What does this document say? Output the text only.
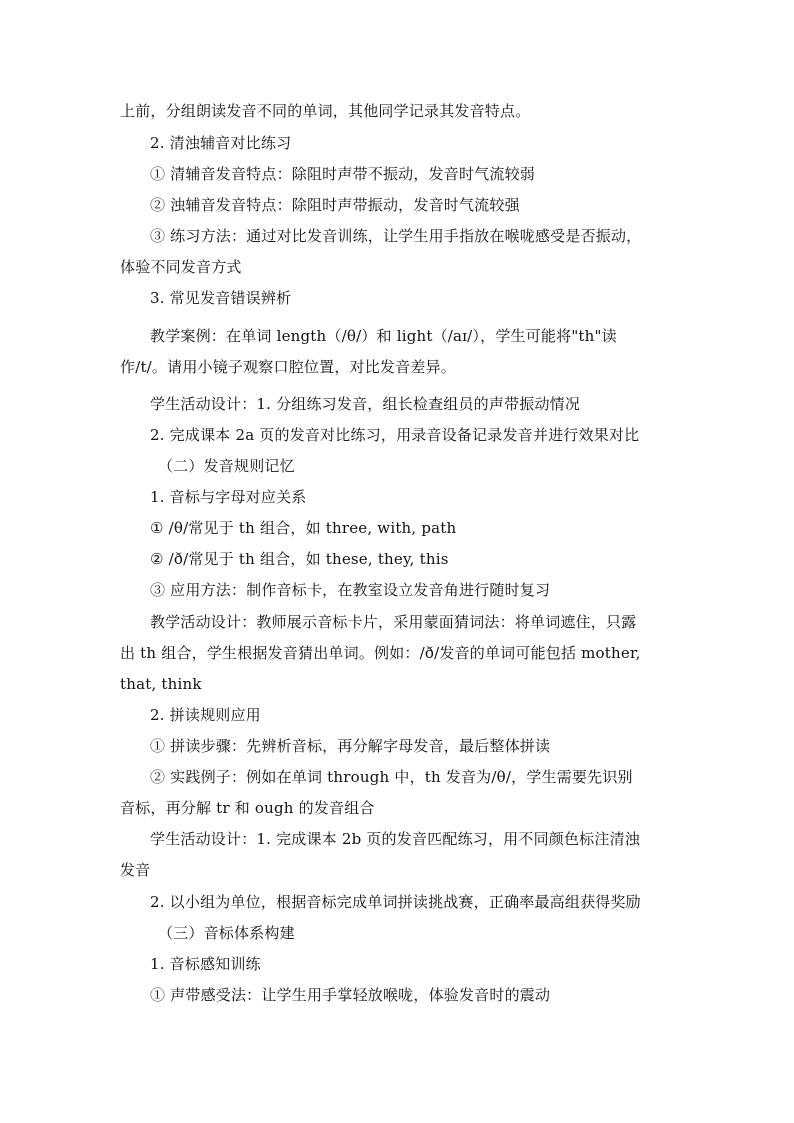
上前，分组朗读发音不同的单词，其他同学记录其发音特点。
2. 清浊辅音对比练习
① 清辅音发音特点：除阻时声带不振动，发音时气流较弱
② 浊辅音发音特点：除阻时声带振动，发音时气流较强
③ 练习方法：通过对比发音训练，让学生用手指放在喉咙感受是否振动，
体验不同发音方式
3. 常见发音错误辨析
教学案例：在单词 length（/θ/）和 light（/aɪ/），学生可能将"th"读
作/t/。请用小镜子观察口腔位置，对比发音差异。
学生活动设计：1. 分组练习发音，组长检查组员的声带振动情况
2. 完成课本 2a 页的发音对比练习，用录音设备记录发音并进行效果对比
（二）发音规则记忆
1. 音标与字母对应关系
① /θ/常见于 th 组合，如 three, with, path
② /ð/常见于 th 组合，如 these, they, this
③ 应用方法：制作音标卡，在教室设立发音角进行随时复习
教学活动设计：教师展示音标卡片，采用蒙面猜词法：将单词遮住，只露
出 th 组合，学生根据发音猜出单词。例如：/ð/发音的单词可能包括 mother,
that, think
2. 拼读规则应用
① 拼读步骤：先辨析音标，再分解字母发音，最后整体拼读
② 实践例子：例如在单词 through 中，th 发音为/θ/，学生需要先识别
音标，再分解 tr 和 ough 的发音组合
学生活动设计：1. 完成课本 2b 页的发音匹配练习，用不同颜色标注清浊
发音
2. 以小组为单位，根据音标完成单词拼读挑战赛，正确率最高组获得奖励
（三）音标体系构建
1. 音标感知训练
① 声带感受法：让学生用手掌轻放喉咙，体验发音时的震动
